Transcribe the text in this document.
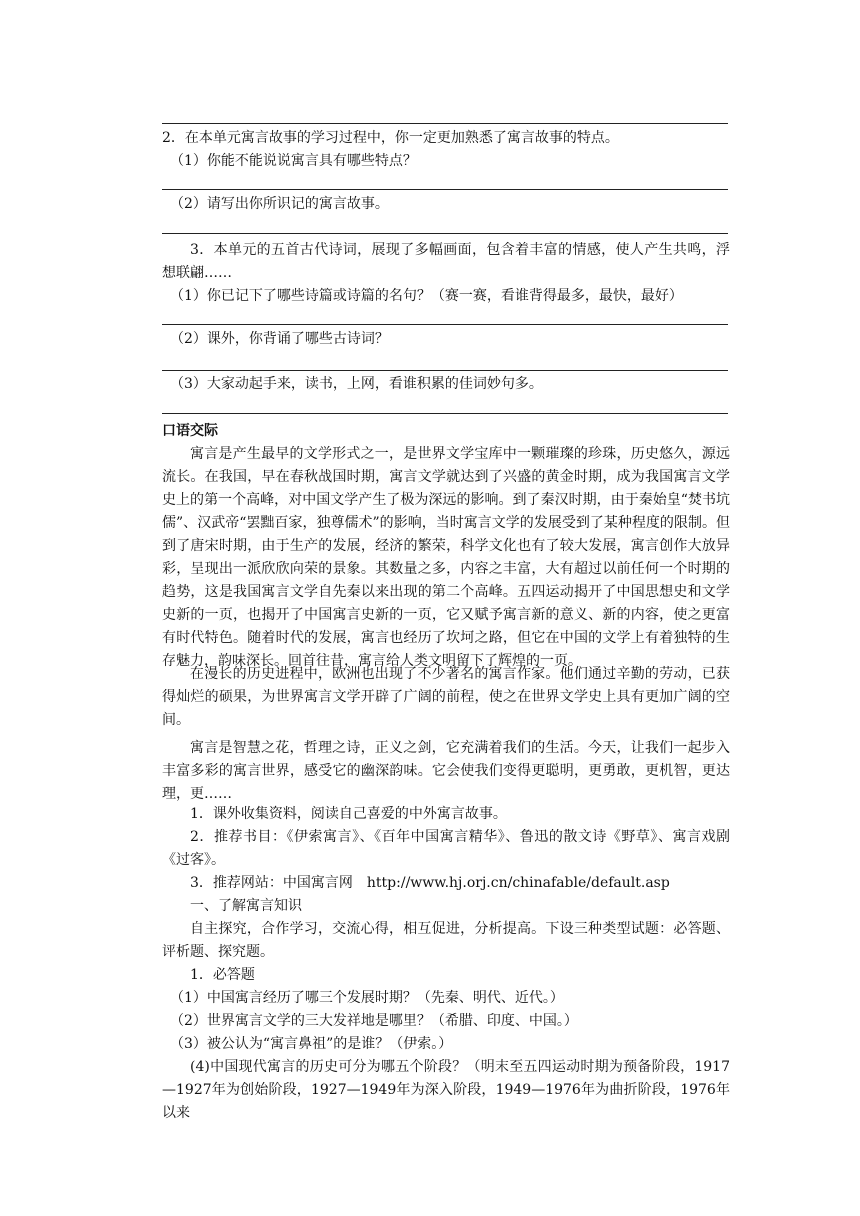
2．在本单元寓言故事的学习过程中，你一定更加熟悉了寓言故事的特点。
（1）你能不能说说寓言具有哪些特点？
（2）请写出你所识记的寓言故事。

3．本单元的五首古代诗词，展现了多幅画面，包含着丰富的情感，使人产生共鸣，浮想联翩……

（1）你已记下了哪些诗篇或诗篇的名句？（赛一赛，看谁背得最多，最快，最好）
（2）课外，你背诵了哪些古诗词？
（3）大家动起手来，读书，上网，看谁积累的佳词妙句多。
口语交际

寓言是产生最早的文学形式之一，是世界文学宝库中一颗璀璨的珍珠，历史悠久，源远流长。在我国，早在春秋战国时期，寓言文学就达到了兴盛的黄金时期，成为我国寓言文学史上的第一个高峰，对中国文学产生了极为深远的影响。到了秦汉时期，由于秦始皇“焚书坑儒”、汉武帝“罢黜百家，独尊儒术”的影响，当时寓言文学的发展受到了某种程度的限制。但到了唐宋时期，由于生产的发展，经济的繁荣，科学文化也有了较大发展，寓言创作大放异彩，呈现出一派欣欣向荣的景象。其数量之多，内容之丰富，大有超过以前任何一个时期的趋势，这是我国寓言文学自先秦以来出现的第二个高峰。五四运动揭开了中国思想史和文学史新的一页，也揭开了中国寓言史新的一页，它又赋予寓言新的意义、新的内容，使之更富有时代特色。随着时代的发展，寓言也经历了坎坷之路，但它在中国的文学上有着独特的生存魅力，韵味深长。回首往昔，寓言给人类文明留下了辉煌的一页。

在漫长的历史进程中，欧洲也出现了不少著名的寓言作家。他们通过辛勤的劳动，已获得灿烂的硕果，为世界寓言文学开辟了广阔的前程，使之在世界文学史上具有更加广阔的空间。

寓言是智慧之花，哲理之诗，正义之剑，它充满着我们的生活。今天，让我们一起步入丰富多彩的寓言世界，感受它的幽深韵味。它会使我们变得更聪明，更勇敢，更机智，更达理，更……

1．课外收集资料，阅读自己喜爱的中外寓言故事。

2．推荐书目：《伊索寓言》、《百年中国寓言精华》、鲁迅的散文诗《野草》、寓言戏剧《过客》。

3．推荐网站：中国寓言网　http://www.hj.orj.cn/chinafable/default.asp

一、了解寓言知识

自主探究，合作学习，交流心得，相互促进，分析提高。下设三种类型试题：必答题、评析题、探究题。

1．必答题

（1）中国寓言经历了哪三个发展时期？（先秦、明代、近代。）
（2）世界寓言文学的三大发祥地是哪里？（希腊、印度、中国。）
（3）被公认为“寓言鼻祖”的是谁？（伊索。）

(4)中国现代寓言的历史可分为哪五个阶段？（明末至五四运动时期为预备阶段，1917—1927年为创始阶段，1927—1949年为深入阶段，1949—1976年为曲折阶段，1976年以来
